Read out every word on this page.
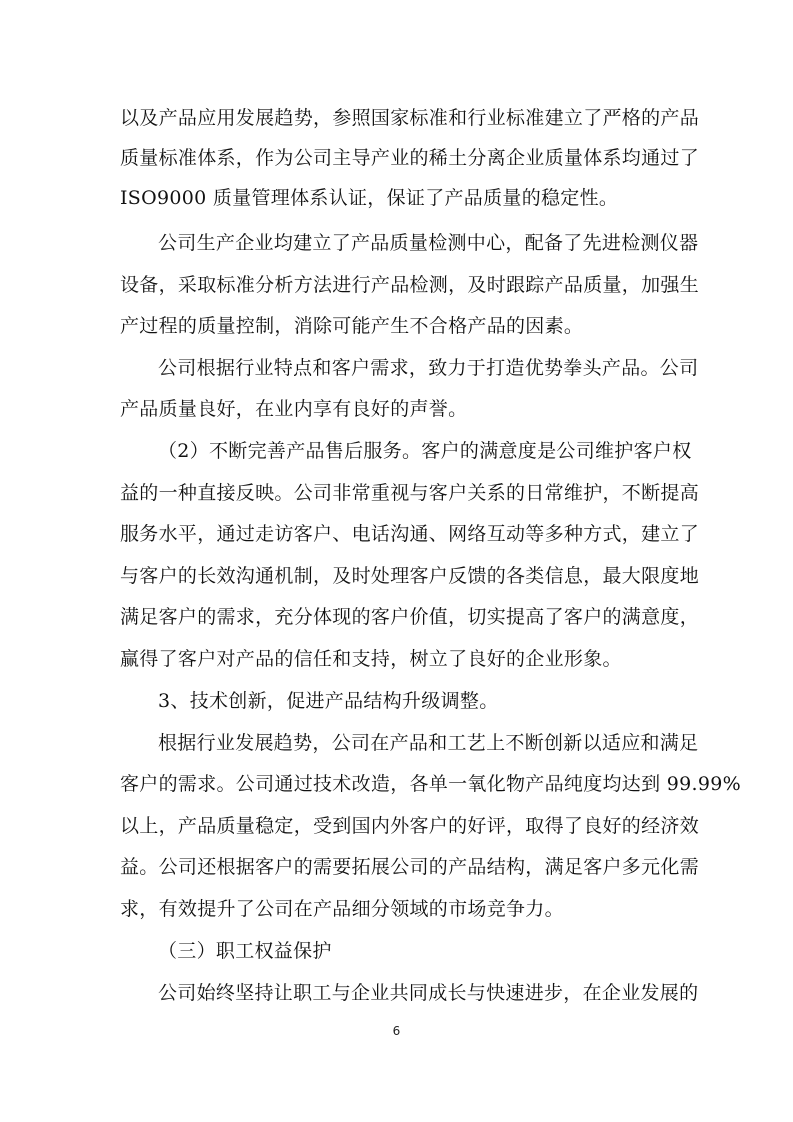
以及产品应用发展趋势，参照国家标准和行业标准建立了严格的产品
质量标准体系，作为公司主导产业的稀土分离企业质量体系均通过了
ISO9000 质量管理体系认证，保证了产品质量的稳定性。
公司生产企业均建立了产品质量检测中心，配备了先进检测仪器
设备，采取标准分析方法进行产品检测，及时跟踪产品质量，加强生
产过程的质量控制，消除可能产生不合格产品的因素。
公司根据行业特点和客户需求，致力于打造优势拳头产品。公司
产品质量良好，在业内享有良好的声誉。
（2）不断完善产品售后服务。客户的满意度是公司维护客户权
益的一种直接反映。公司非常重视与客户关系的日常维护，不断提高
服务水平，通过走访客户、电话沟通、网络互动等多种方式，建立了
与客户的长效沟通机制，及时处理客户反馈的各类信息，最大限度地
满足客户的需求，充分体现的客户价值，切实提高了客户的满意度，
赢得了客户对产品的信任和支持，树立了良好的企业形象。
3、技术创新，促进产品结构升级调整。
根据行业发展趋势，公司在产品和工艺上不断创新以适应和满足
客户的需求。公司通过技术改造，各单一氧化物产品纯度均达到 99.99%
以上，产品质量稳定，受到国内外客户的好评，取得了良好的经济效
益。公司还根据客户的需要拓展公司的产品结构，满足客户多元化需
求，有效提升了公司在产品细分领域的市场竞争力。
（三）职工权益保护
公司始终坚持让职工与企业共同成长与快速进步，在企业发展的
6
